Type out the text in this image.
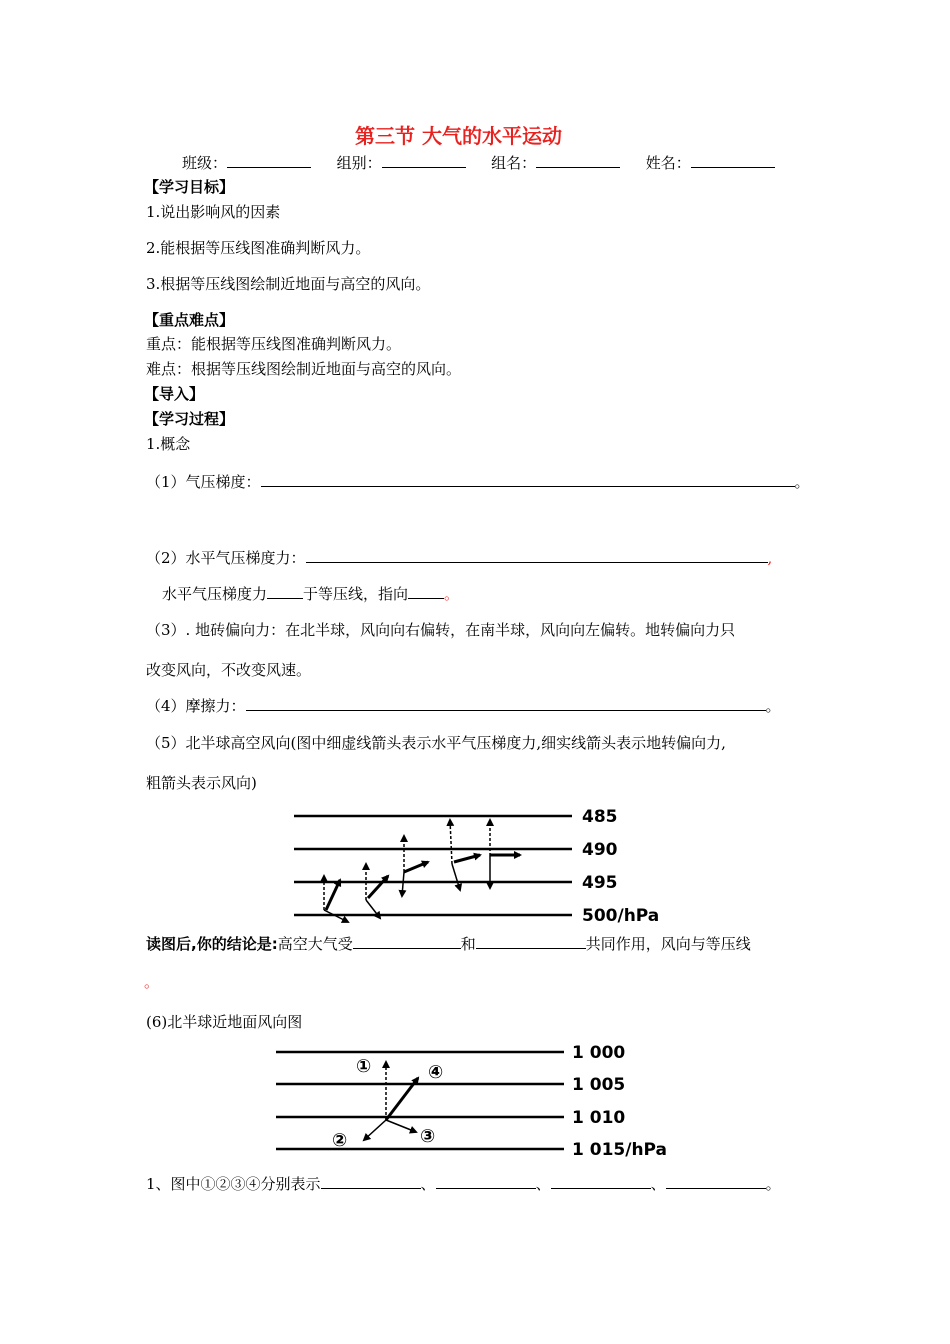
第三节 大气的水平运动
班级：	组别：	组名：	姓名：
【学习目标】
1.说出影响风的因素
2.能根据等压线图准确判断风力。
3.根据等压线图绘制近地面与高空的风向。
【重点难点】
重点：能根据等压线图准确判断风力。
难点：根据等压线图绘制近地面与高空的风向。
【导入】
【学习过程】
1.概念
（1）气压梯度：	。
（2）水平气压梯度力：	,
水平气压梯度力 于等压线，指向 。
（3）. 地砖偏向力：在北半球，风向向右偏转，在南半球，风向向左偏转。地转偏向力只
改变风向，不改变风速。
（4）摩擦力：	。
（5）北半球高空风向(图中细虚线箭头表示水平气压梯度力,细实线箭头表示地转偏向力,
粗箭头表示风向)
485
490
495
500/hPa
读图后,你的结论是:高空大气受	和	共同作用，风向与等压线
。
(6)北半球近地面风向图
1 000
1 005
1 010
1 015/hPa
①
②	③
④
1、图中①②③④分别表示	、	、	、	。
